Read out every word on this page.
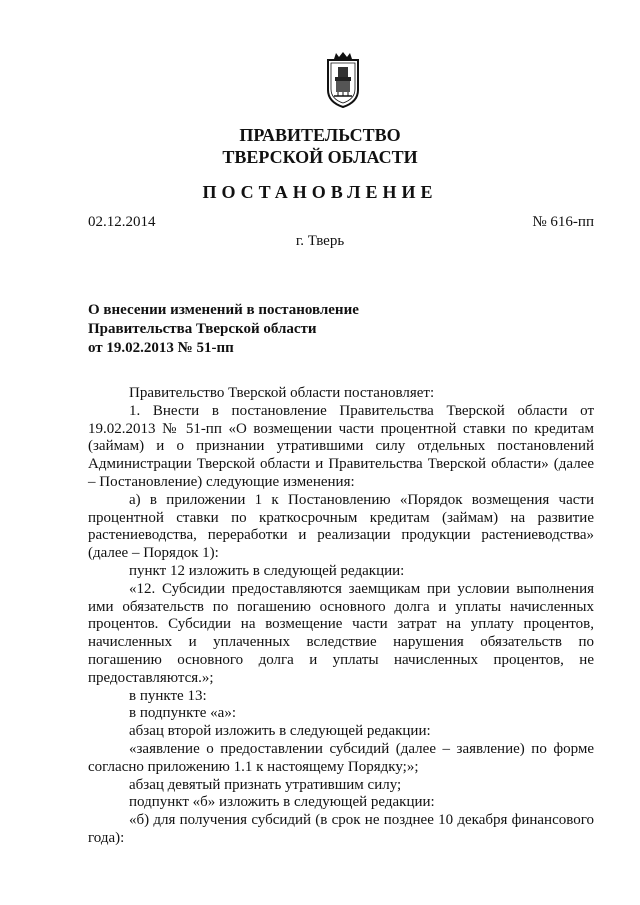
ПРАВИТЕЛЬСТВО
ТВЕРСКОЙ ОБЛАСТИ
ПОСТАНОВЛЕНИЕ
02.12.2014	№ 616-пп
г. Тверь
О внесении изменений в постановление
Правительства Тверской области
от 19.02.2013 № 51-пп

Правительство Тверской области постановляет:

1. Внести в постановление Правительства Тверской области от 19.02.2013 № 51-пп «О возмещении части процентной ставки по кредитам (займам) и о признании утратившими силу отдельных постановлений Администрации Тверской области и Правительства Тверской области» (далее – Постановление) следующие изменения:

а) в приложении 1 к Постановлению «Порядок возмещения части процентной ставки по краткосрочным кредитам (займам) на развитие растениеводства, переработки и реализации продукции растениеводства» (далее – Порядок 1):

пункт 12 изложить в следующей редакции:

«12. Субсидии предоставляются заемщикам при условии выполнения ими обязательств по погашению основного долга и уплаты начисленных процентов. Субсидии на возмещение части затрат на уплату процентов, начисленных и уплаченных вследствие нарушения обязательств по погашению основного долга и уплаты начисленных процентов, не предоставляются.»;

в пункте 13:

в подпункте «а»:

абзац второй изложить в следующей редакции:

«заявление о предоставлении субсидий (далее – заявление) по форме согласно приложению 1.1 к настоящему Порядку;»;

абзац девятый признать утратившим силу;

подпункт «б» изложить в следующей редакции:

«б) для получения субсидий (в срок не позднее 10 декабря финансового года):
